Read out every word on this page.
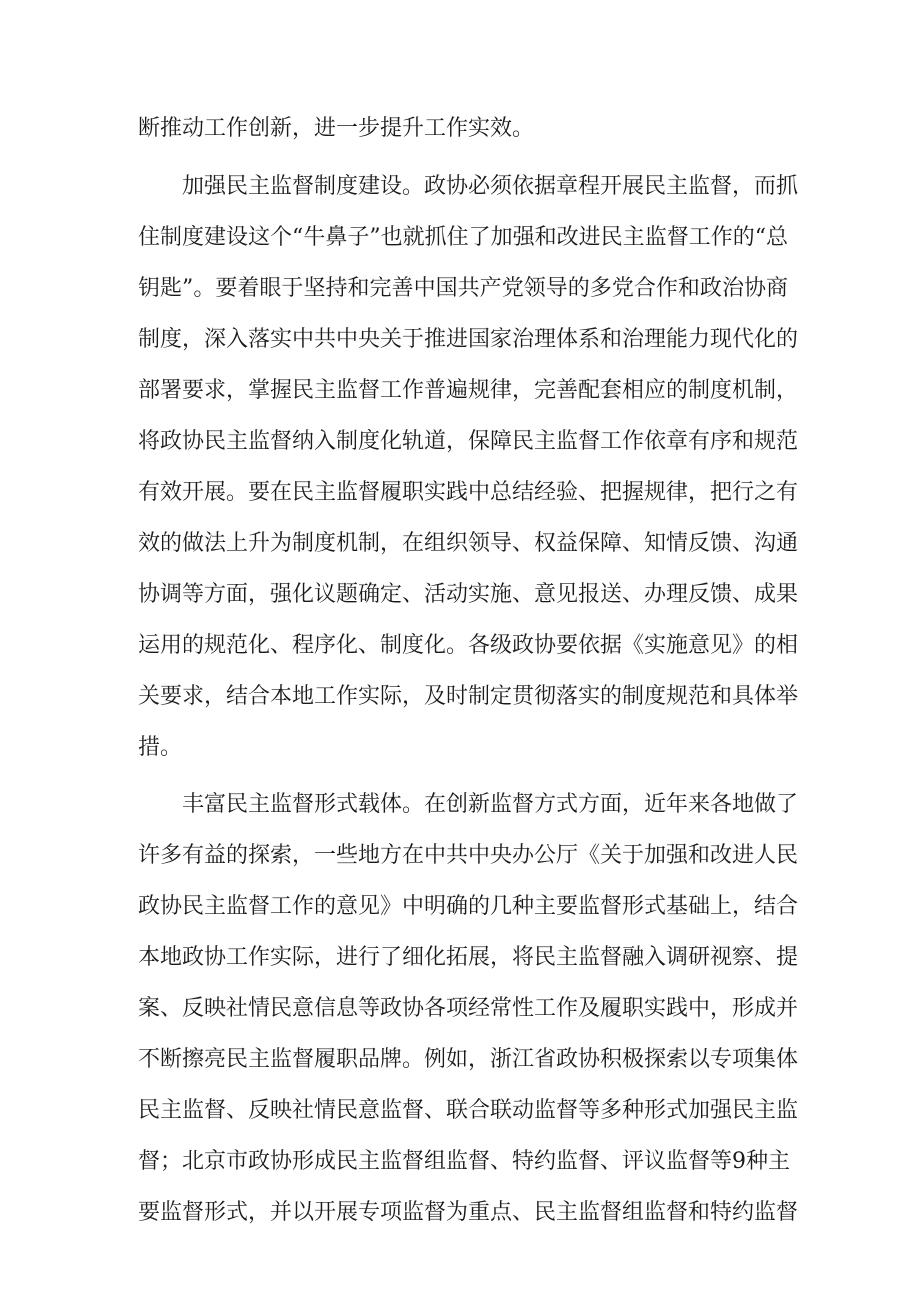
断推动工作创新，进一步提升工作实效。
加强民主监督制度建设。政协必须依据章程开展民主监督，而抓
住制度建设这个“牛鼻子”也就抓住了加强和改进民主监督工作的“总
钥匙”。要着眼于坚持和完善中国共产党领导的多党合作和政治协商
制度，深入落实中共中央关于推进国家治理体系和治理能力现代化的
部署要求，掌握民主监督工作普遍规律，完善配套相应的制度机制，
将政协民主监督纳入制度化轨道，保障民主监督工作依章有序和规范
有效开展。要在民主监督履职实践中总结经验、把握规律，把行之有
效的做法上升为制度机制，在组织领导、权益保障、知情反馈、沟通
协调等方面，强化议题确定、活动实施、意见报送、办理反馈、成果
运用的规范化、程序化、制度化。各级政协要依据《实施意见》的相
关要求，结合本地工作实际，及时制定贯彻落实的制度规范和具体举
措。
丰富民主监督形式载体。在创新监督方式方面，近年来各地做了
许多有益的探索，一些地方在中共中央办公厅《关于加强和改进人民
政协民主监督工作的意见》中明确的几种主要监督形式基础上，结合
本地政协工作实际，进行了细化拓展，将民主监督融入调研视察、提
案、反映社情民意信息等政协各项经常性工作及履职实践中，形成并
不断擦亮民主监督履职品牌。例如，浙江省政协积极探索以专项集体
民主监督、反映社情民意监督、联合联动监督等多种形式加强民主监
督；北京市政协形成民主监督组监督、特约监督、评议监督等9种主
要监督形式，并以开展专项监督为重点、民主监督组监督和特约监督
